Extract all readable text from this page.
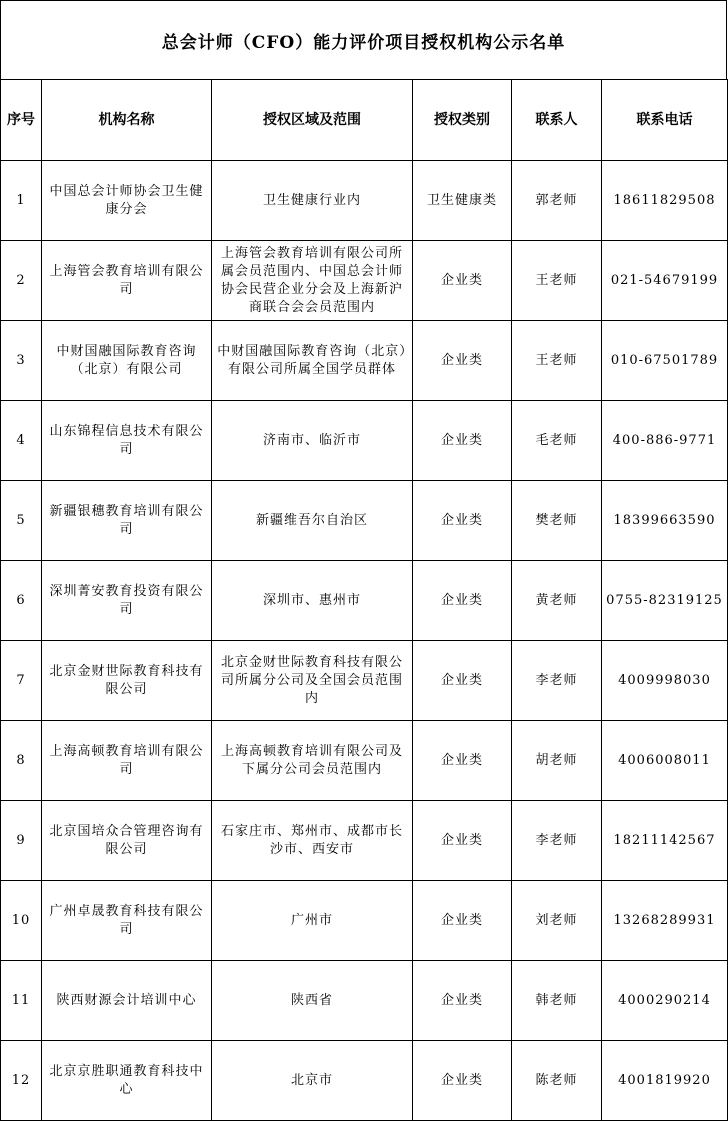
总会计师（CFO）能力评价项目授权机构公示名单
序号	机构名称	授权区域及范围	授权类别	联系人	联系电话
1	中国总会计师协会卫生健康分会	卫生健康行业内	卫生健康类	郭老师	18611829508
2	上海管会教育培训有限公司	上海管会教育培训有限公司所属会员范围内、中国总会计师协会民营企业分会及上海新沪商联合会会员范围内	企业类	王老师	021-54679199
3	中财国融国际教育咨询（北京）有限公司	中财国融国际教育咨询（北京）有限公司所属全国学员群体	企业类	王老师	010-67501789
4	山东锦程信息技术有限公司	济南市、临沂市	企业类	毛老师	400-886-9771
5	新疆银穗教育培训有限公司	新疆维吾尔自治区	企业类	樊老师	18399663590
6	深圳菁安教育投资有限公司	深圳市、惠州市	企业类	黄老师	0755-82319125
7	北京金财世际教育科技有限公司	北京金财世际教育科技有限公司所属分公司及全国会员范围内	企业类	李老师	4009998030
8	上海高顿教育培训有限公司	上海高顿教育培训有限公司及下属分公司会员范围内	企业类	胡老师	4006008011
9	北京国培众合管理咨询有限公司	石家庄市、郑州市、成都市长沙市、西安市	企业类	李老师	18211142567
10	广州卓晟教育科技有限公司	广州市	企业类	刘老师	13268289931
11	陕西财源会计培训中心	陕西省	企业类	韩老师	4000290214
12	北京京胜职通教育科技中心	北京市	企业类	陈老师	4001819920
